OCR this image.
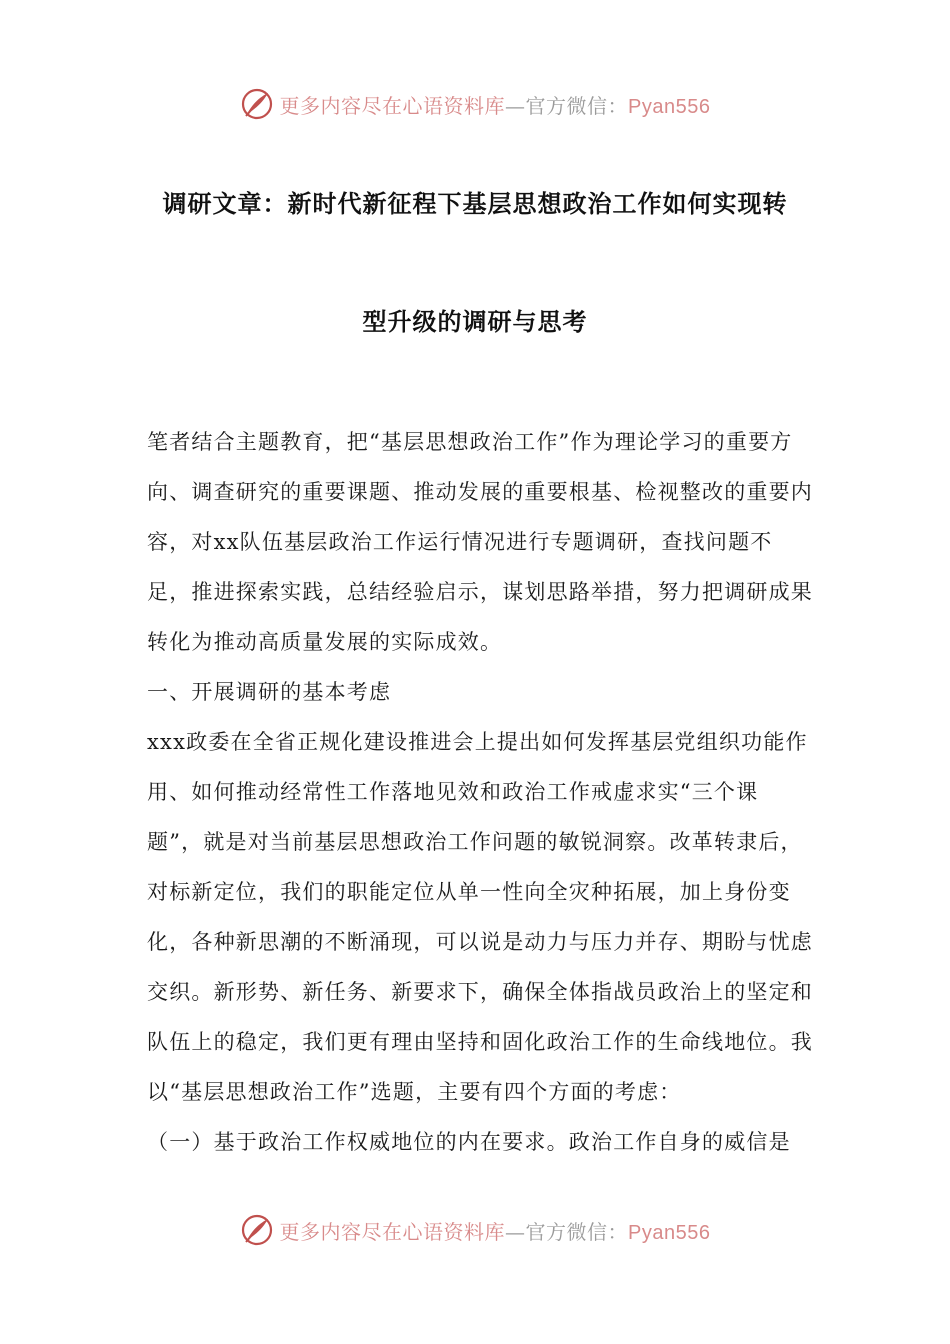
更多内容尽在心语资料库—官方微信：Pyan556
调研文章：新时代新征程下基层思想政治工作如何实现转
型升级的调研与思考

笔者结合主题教育，把“基层思想政治工作”作为理论学习的重要方向、调查研究的重要课题、推动发展的重要根基、检视整改的重要内容，对xx队伍基层政治工作运行情况进行专题调研，查找问题不足，推进探索实践，总结经验启示，谋划思路举措，努力把调研成果转化为推动高质量发展的实际成效。

一、开展调研的基本考虑

xxx政委在全省正规化建设推进会上提出如何发挥基层党组织功能作用、如何推动经常性工作落地见效和政治工作戒虚求实“三个课题”，就是对当前基层思想政治工作问题的敏锐洞察。改革转隶后，对标新定位，我们的职能定位从单一性向全灾种拓展，加上身份变化，各种新思潮的不断涌现，可以说是动力与压力并存、期盼与忧虑交织。新形势、新任务、新要求下，确保全体指战员政治上的坚定和队伍上的稳定，我们更有理由坚持和固化政治工作的生命线地位。我以“基层思想政治工作”选题，主要有四个方面的考虑：

（一）基于政治工作权威地位的内在要求。政治工作自身的威信是

更多内容尽在心语资料库—官方微信：Pyan556
